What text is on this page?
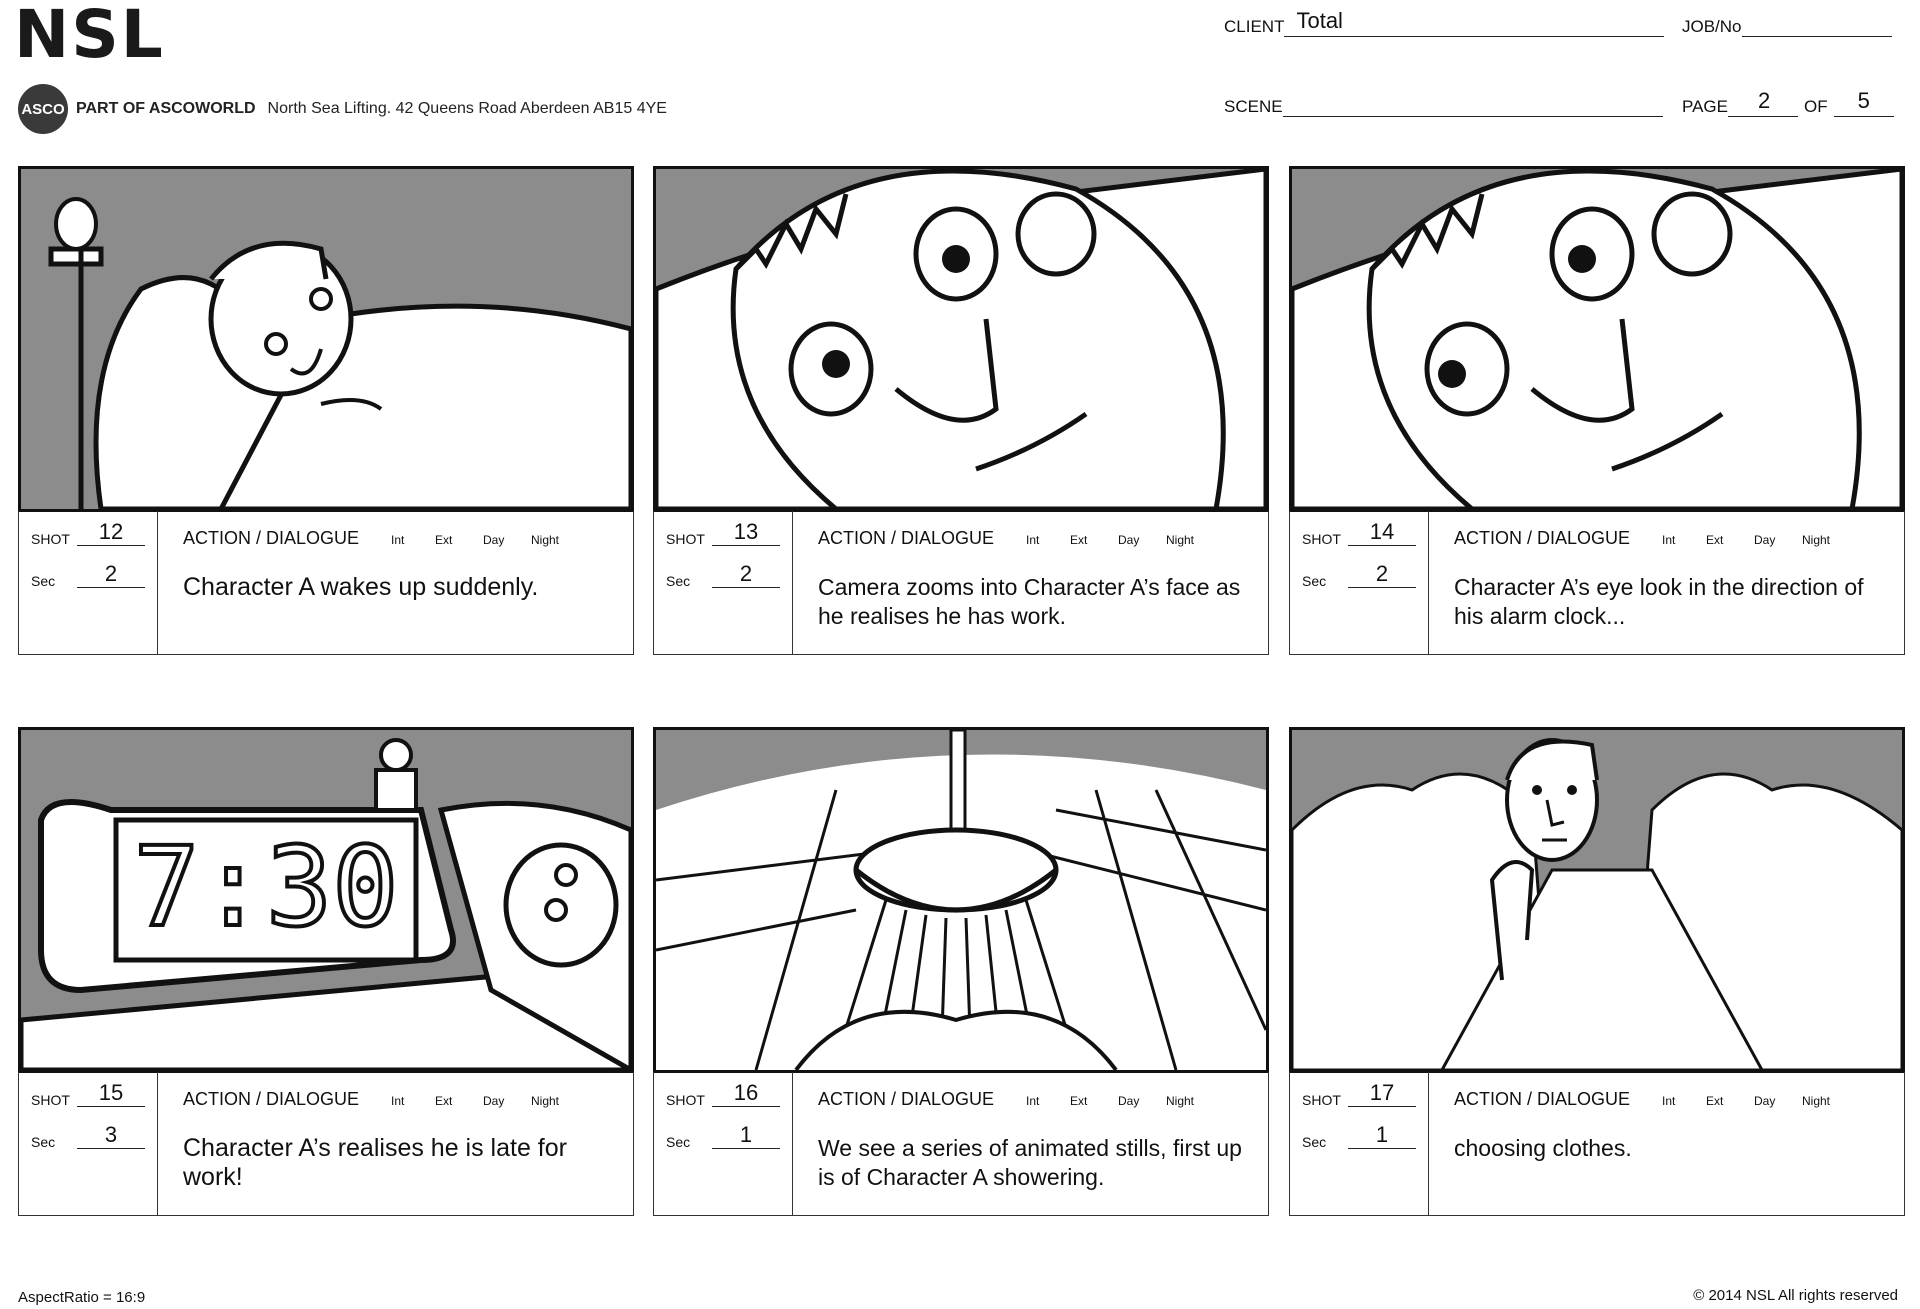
NSL
ASCO PART OF ASCOWORLD North Sea Lifting. 42 Queens Road Aberdeen AB15 4YE
CLIENT Total	JOB/No
SCENE	PAGE 2 OF 5
SHOT	12
Sec	2
ACTION / DIALOGUE	Int	Ext	Day	Night
Character A wakes up suddenly.
SHOT	13
Sec	2
ACTION / DIALOGUE	Int	Ext	Day	Night
Camera zooms into Character A’s face as he realises he has work.
SHOT	14
Sec	2
ACTION / DIALOGUE	Int	Ext	Day	Night
Character A’s eye look in the direction of his alarm clock...
7:30
SHOT	15
Sec	3
ACTION / DIALOGUE	Int	Ext	Day	Night
Character A’s realises he is late for work!
SHOT	16
Sec	1
ACTION / DIALOGUE	Int	Ext	Day	Night
We see a series of animated stills, first up is of Character A showering.
SHOT	17
Sec	1
ACTION / DIALOGUE	Int	Ext	Day	Night
choosing clothes.
AspectRatio = 16:9	© 2014 NSL All rights reserved
